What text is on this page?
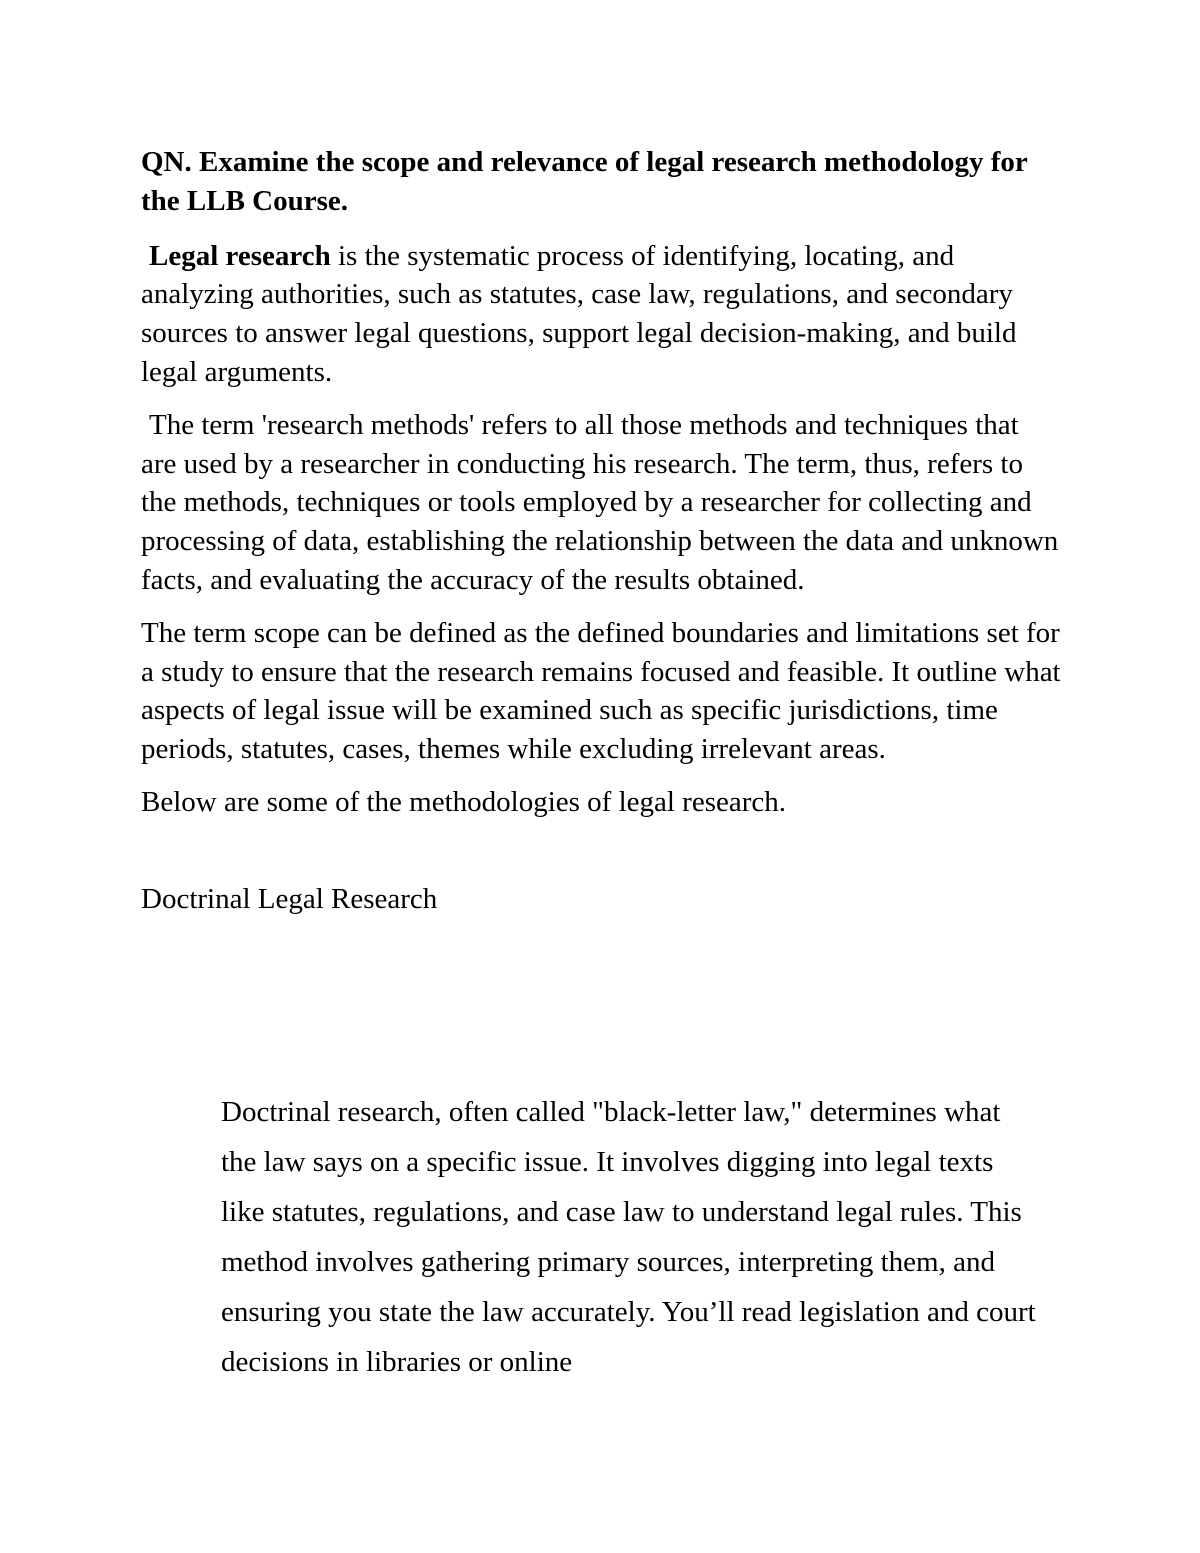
QN. Examine the scope and relevance of legal research methodology for the LLB Course.

Legal research is the systematic process of identifying, locating, and analyzing authorities, such as statutes, case law, regulations, and secondary sources to answer legal questions, support legal decision-making, and build legal arguments.

The term 'research methods' refers to all those methods and techniques that are used by a researcher in conducting his research. The term, thus, refers to the methods, techniques or tools employed by a researcher for collecting and processing of data, establishing the relationship between the data and unknown facts, and evaluating the accuracy of the results obtained.

The term scope can be defined as the defined boundaries and limitations set for a study to ensure that the research remains focused and feasible. It outline what aspects of legal issue will be examined such as specific jurisdictions, time periods, statutes, cases, themes while excluding irrelevant areas.

Below are some of the methodologies of legal research.

Doctrinal Legal Research

Doctrinal research, often called "black-letter law," determines what the law says on a specific issue. It involves digging into legal texts like statutes, regulations, and case law to understand legal rules. This method involves gathering primary sources, interpreting them, and ensuring you state the law accurately. You’ll read legislation and court decisions in libraries or online
